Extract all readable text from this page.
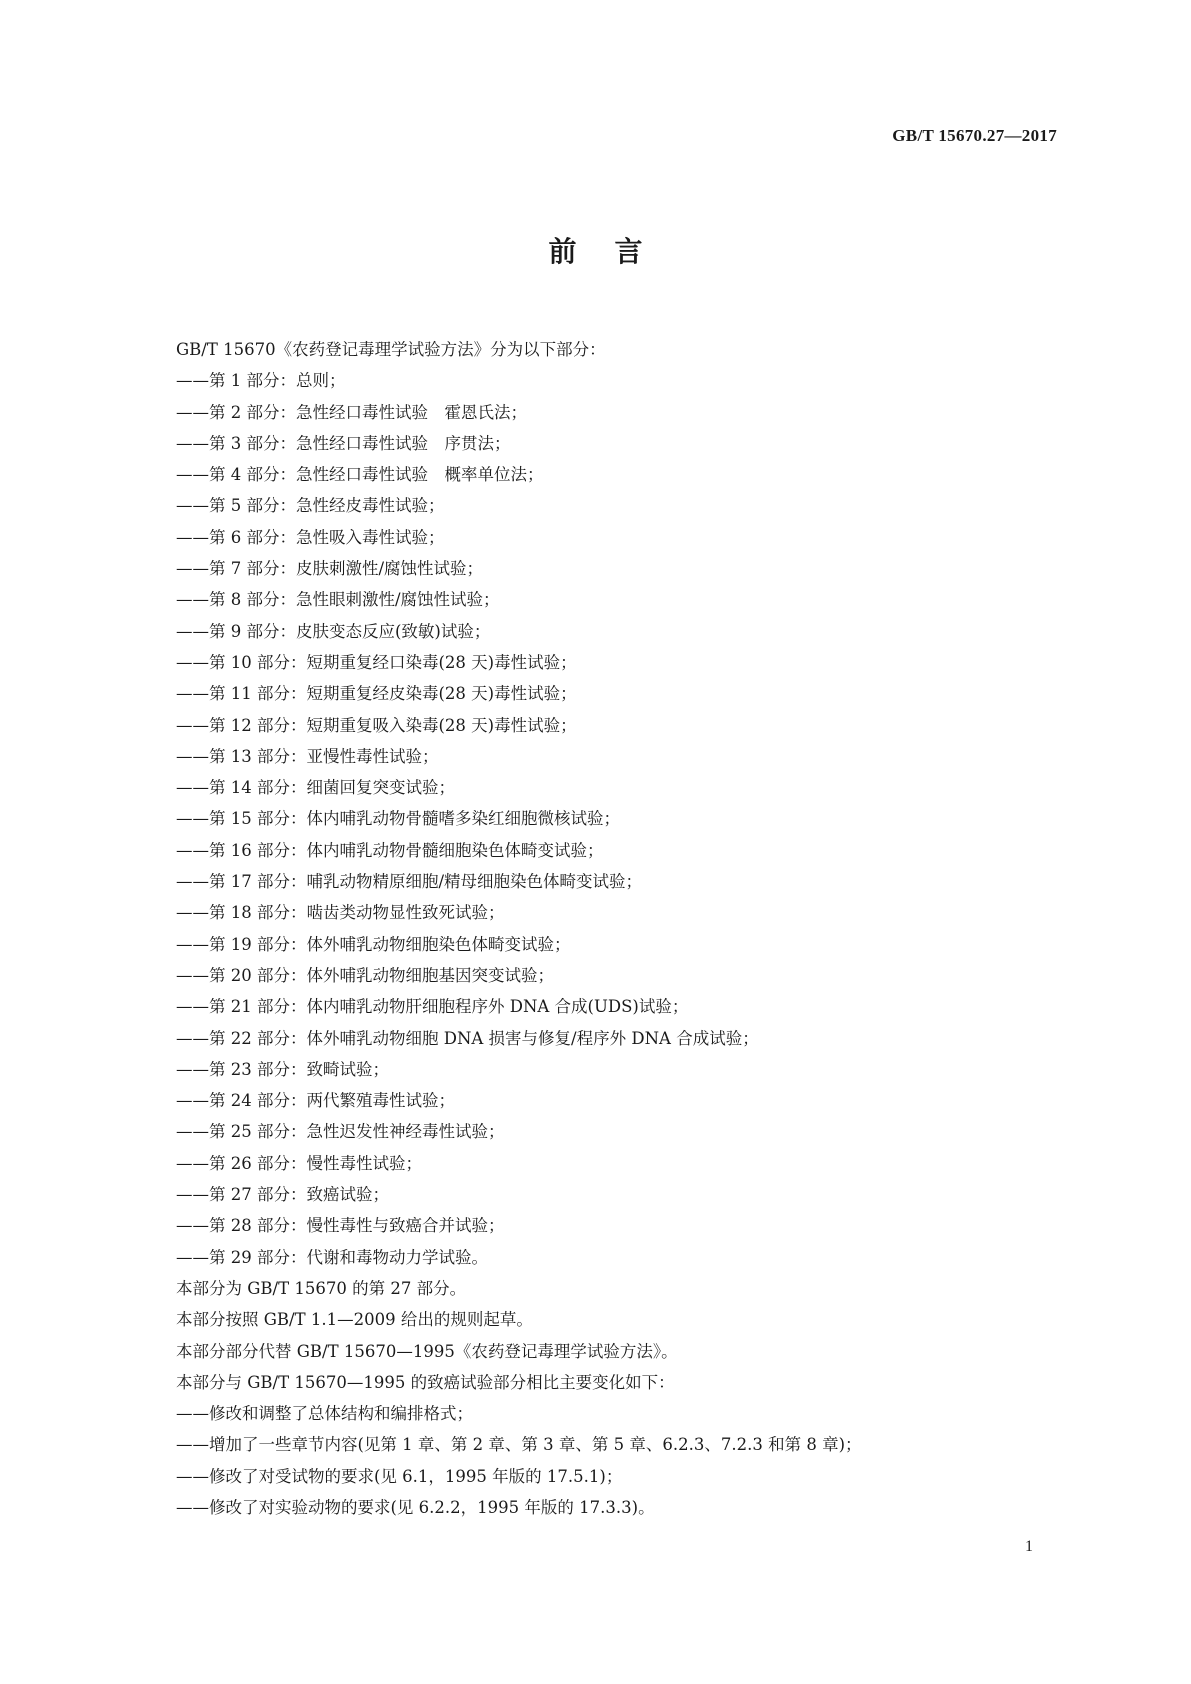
GB/T 15670.27—2017
前言
GB/T 15670《农药登记毒理学试验方法》分为以下部分：
——第 1 部分：总则；
——第 2 部分：急性经口毒性试验　霍恩氏法；
——第 3 部分：急性经口毒性试验　序贯法；
——第 4 部分：急性经口毒性试验　概率单位法；
——第 5 部分：急性经皮毒性试验；
——第 6 部分：急性吸入毒性试验；
——第 7 部分：皮肤刺激性/腐蚀性试验；
——第 8 部分：急性眼刺激性/腐蚀性试验；
——第 9 部分：皮肤变态反应(致敏)试验；
——第 10 部分：短期重复经口染毒(28 天)毒性试验；
——第 11 部分：短期重复经皮染毒(28 天)毒性试验；
——第 12 部分：短期重复吸入染毒(28 天)毒性试验；
——第 13 部分：亚慢性毒性试验；
——第 14 部分：细菌回复突变试验；
——第 15 部分：体内哺乳动物骨髓嗜多染红细胞微核试验；
——第 16 部分：体内哺乳动物骨髓细胞染色体畸变试验；
——第 17 部分：哺乳动物精原细胞/精母细胞染色体畸变试验；
——第 18 部分：啮齿类动物显性致死试验；
——第 19 部分：体外哺乳动物细胞染色体畸变试验；
——第 20 部分：体外哺乳动物细胞基因突变试验；
——第 21 部分：体内哺乳动物肝细胞程序外 DNA 合成(UDS)试验；
——第 22 部分：体外哺乳动物细胞 DNA 损害与修复/程序外 DNA 合成试验；
——第 23 部分：致畸试验；
——第 24 部分：两代繁殖毒性试验；
——第 25 部分：急性迟发性神经毒性试验；
——第 26 部分：慢性毒性试验；
——第 27 部分：致癌试验；
——第 28 部分：慢性毒性与致癌合并试验；
——第 29 部分：代谢和毒物动力学试验。
本部分为 GB/T 15670 的第 27 部分。
本部分按照 GB/T 1.1—2009 给出的规则起草。
本部分部分代替 GB/T 15670—1995《农药登记毒理学试验方法》。
本部分与 GB/T 15670—1995 的致癌试验部分相比主要变化如下：
——修改和调整了总体结构和编排格式；
——增加了一些章节内容(见第 1 章、第 2 章、第 3 章、第 5 章、6.2.3、7.2.3 和第 8 章)；
——修改了对受试物的要求(见 6.1，1995 年版的 17.5.1)；
——修改了对实验动物的要求(见 6.2.2，1995 年版的 17.3.3)。
1
